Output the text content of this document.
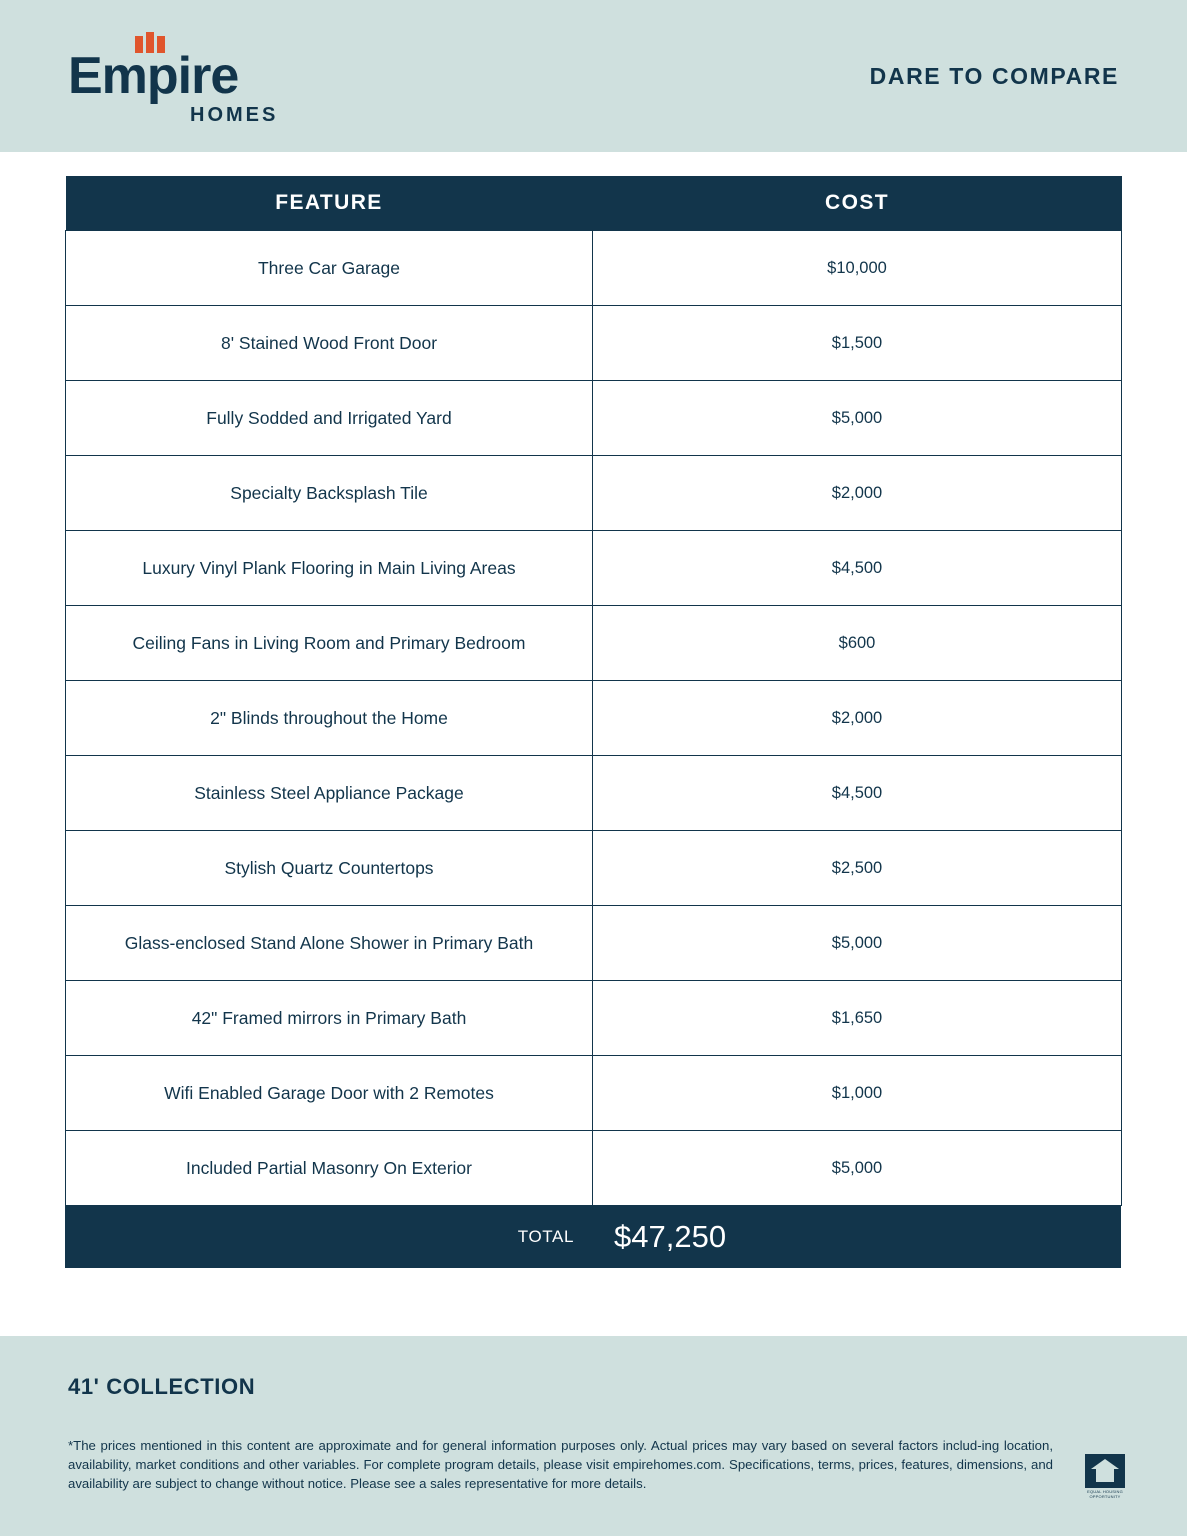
Empire
HOMES
DARE TO COMPARE
FEATURE	COST
Three Car Garage	$10,000
8' Stained Wood Front Door	$1,500
Fully Sodded and Irrigated Yard	$5,000
Specialty Backsplash Tile	$2,000
Luxury Vinyl Plank Flooring in Main Living Areas	$4,500
Ceiling Fans in Living Room and Primary Bedroom	$600
2" Blinds throughout the Home	$2,000
Stainless Steel Appliance Package	$4,500
Stylish Quartz Countertops	$2,500
Glass-enclosed Stand Alone Shower in Primary Bath	$5,000
42" Framed mirrors in Primary Bath	$1,650
Wifi Enabled Garage Door with 2 Remotes	$1,000
Included Partial Masonry On Exterior	$5,000
TOTAL	$47,250
41' COLLECTION
*The prices mentioned in this content are approximate and for general information purposes only. Actual prices may vary based on several factors includ-ing location, availability, market conditions and other variables. For complete program details, please visit empirehomes.com. Specifications, terms, prices, features, dimensions, and availability are subject to change without notice. Please see a sales representative for more details.
EQUAL HOUSING OPPORTUNITY
